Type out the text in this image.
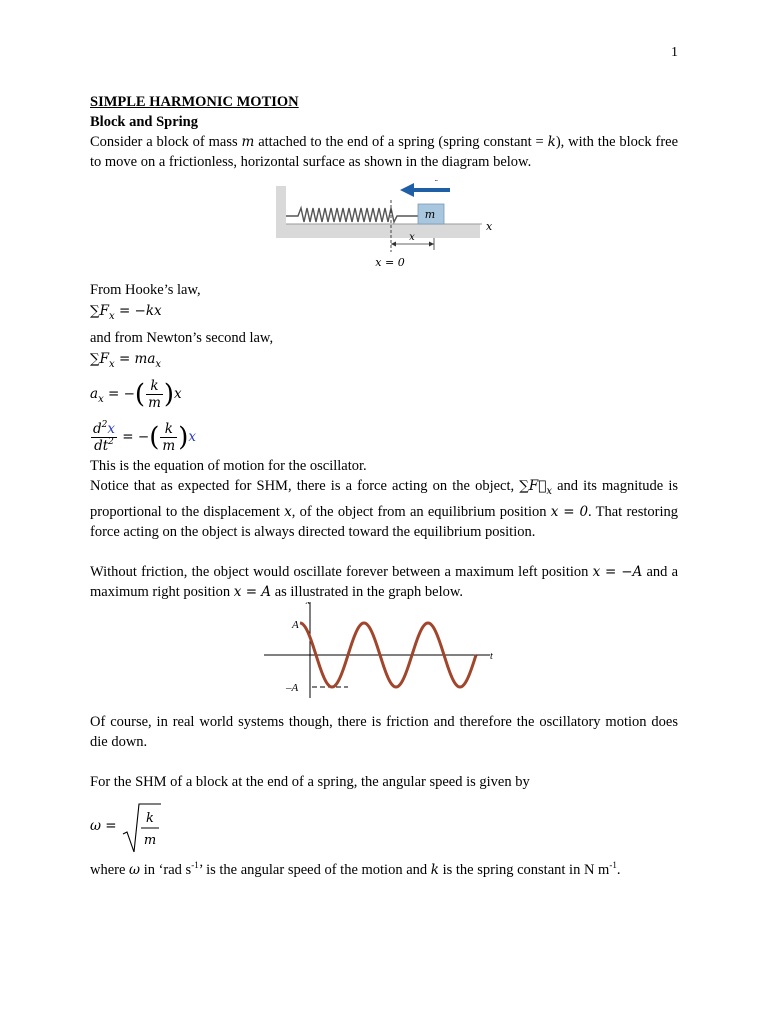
1

SIMPLE HARMONIC MOTION

Block and Spring

Consider a block of mass m attached to the end of a spring (spring constant = k), with the block free to move on a frictionless, horizontal surface as shown in the diagram below.

m
x
x
x = 0

From Hooke’s law,

$\sum F_x = -kx$

and from Newton’s second law,

$\sum F_x = ma_x$

$a_x$ = −( $\frac{k}{m} )x$

$\frac{d^2x}{dt^2}$ = −( $\frac{k}{m} )x$

This is the equation of motion for the oscillator.

Notice that as expected for SHM, there is a force acting on the object, $\sum F⃗_x$ and its magnitude is proportional to the displacement x, of the object from an equilibrium position x = 0. That restoring force acting on the object is always directed toward the equilibrium position.

Without friction, the object would oscillate forever between a maximum left position x = −A and a maximum right position x = A as illustrated in the graph below.

t
A
–A

Of course, in real world systems though, there is friction and therefore the oscillatory motion does die down.

For the SHM of a block at the end of a spring, the angular speed is given by

ω =
k
m

where ω in ‘rad $s^{-1}$’ is the angular speed of the motion and k is the spring constant in N $m^{-1}$.
